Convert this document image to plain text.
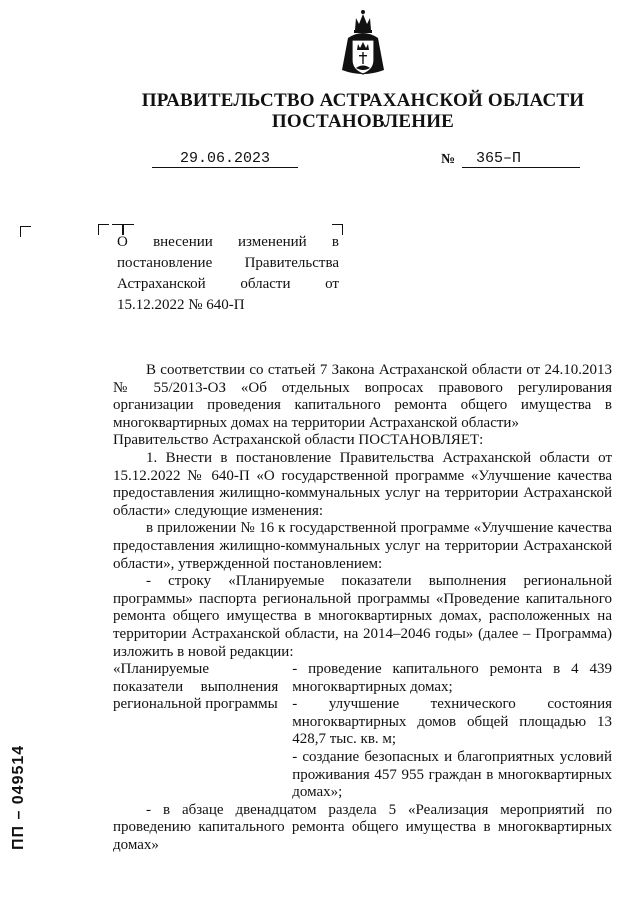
ПРАВИТЕЛЬСТВО АСТРАХАНСКОЙ ОБЛАСТИ
ПОСТАНОВЛЕНИЕ
29.06.2023	№	365–П
О внесении изменений в постановление Правительства Астраханской области от 15.12.2022 № 640-П

В соответствии со статьей 7 Закона Астраханской области от 24.10.2013 № 55/2013-ОЗ «Об отдельных вопросах правового регулирования организации проведения капитального ремонта общего имущества в многоквартирных домах на территории Астраханской области»

Правительство Астраханской области ПОСТАНОВЛЯЕТ:

1. Внести в постановление Правительства Астраханской области от 15.12.2022 № 640-П «О государственной программе «Улучшение качества предоставления жилищно-коммунальных услуг на территории Астраханской области» следующие изменения:

в приложении № 16 к государственной программе «Улучшение качества предоставления жилищно-коммунальных услуг на территории Астраханской области», утвержденной постановлением:

- строку «Планируемые показатели выполнения региональной программы» паспорта региональной программы «Проведение капитального ремонта общего имущества в многоквартирных домах, расположенных на территории Астраханской области, на 2014–2046 годы» (далее – Программа) изложить в новой редакции:

«Планируемые показатели выполнения региональной программы
- проведение капитального ремонта в 4 439 многоквартирных домах;
- улучшение технического состояния многоквартирных домов общей площадью 13 428,7 тыс. кв. м;
- создание безопасных и благоприятных условий проживания 457 955 граждан в многоквартирных домах»;

- в абзаце двенадцатом раздела 5 «Реализация мероприятий по проведению капитального ремонта общего имущества в многоквартирных домах»

ПП – 049514
